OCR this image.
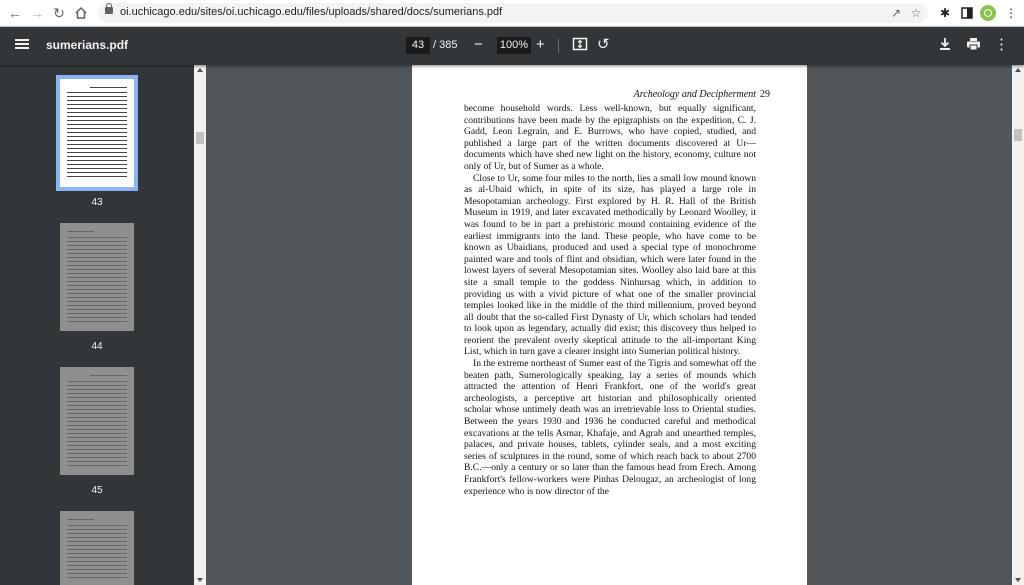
← → ↻	oi.uchicago.edu/sites/oi.uchicago.edu/files/uploads/shared/docs/sumerians.pdf	↗ ☆	✱	⋮
sumerians.pdf	43 / 385 − 100% +	↺	⋮
43
44
45
Archeology and Decipherment 29

become household words. Less well-known, but equally significant, contributions have been made by the epigraphists on the expedition, C. J. Gadd, Leon Legrain, and E. Burrows, who have copied, studied, and published a large part of the written documents discovered at Ur—documents which have shed new light on the history, economy, culture not only of Ur, but of Sumer as a whole.

Close to Ur, some four miles to the north, lies a small low mound known as al-Ubaid which, in spite of its size, has played a large role in Mesopotamian archeology. First explored by H. R. Hall of the British Museum in 1919, and later excavated methodically by Leonard Woolley, it was found to be in part a prehistoric mound containing evidence of the earliest immigrants into the land. These people, who have come to be known as Ubaidians, produced and used a special type of monochrome painted ware and tools of flint and obsidian, which were later found in the lowest layers of several Mesopotamian sites. Woolley also laid bare at this site a small temple to the goddess Ninhursag which, in addition to providing us with a vivid picture of what one of the smaller provincial temples looked like in the middle of the third millennium, proved beyond all doubt that the so-called First Dynasty of Ur, which scholars had tended to look upon as legendary, actually did exist; this discovery thus helped to reorient the prevalent overly skeptical attitude to the all-important King List, which in turn gave a clearer insight into Sumerian political history.

In the extreme northeast of Sumer east of the Tigris and somewhat off the beaten path, Sumerologically speaking, lay a series of mounds which attracted the attention of Henri Frankfort, one of the world's great archeologists, a perceptive art historian and philosophically oriented scholar whose untimely death was an irretrievable loss to Oriental studies. Between the years 1930 and 1936 he conducted careful and methodical excavations at the tells Asmar, Khafaje, and Agrab and unearthed temples, palaces, and private houses, tablets, cylinder seals, and a most exciting series of sculptures in the round, some of which reach back to about 2700 B.C.—only a century or so later than the famous head from Erech. Among Frankfort's fellow-workers were Pinhas Delougaz, an archeologist of long experience who is now director of the
